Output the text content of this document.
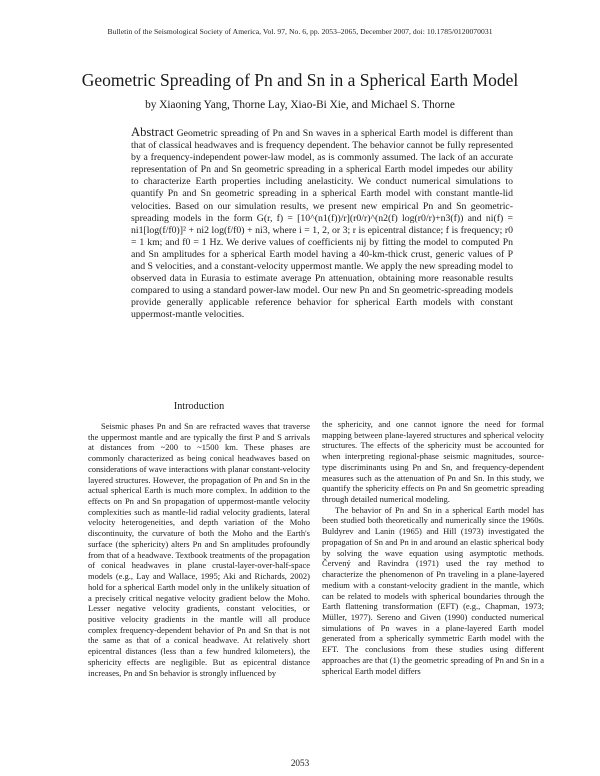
Bulletin of the Seismological Society of America, Vol. 97, No. 6, pp. 2053–2065, December 2007, doi: 10.1785/0120070031
Geometric Spreading of Pn and Sn in a Spherical Earth Model
by Xiaoning Yang, Thorne Lay, Xiao-Bi Xie, and Michael S. Thorne
Abstract Geometric spreading of Pn and Sn waves in a spherical Earth model is different than that of classical headwaves and is frequency dependent. The behavior cannot be fully represented by a frequency-independent power-law model, as is commonly assumed. The lack of an accurate representation of Pn and Sn geometric spreading in a spherical Earth model impedes our ability to characterize Earth properties including anelasticity. We conduct numerical simulations to quantify Pn and Sn geometric spreading in a spherical Earth model with constant mantle-lid velocities. Based on our simulation results, we present new empirical Pn and Sn geometric-spreading models in the form G(r, f) = [10^(n1(f))/r](r0/r)^(n2(f) log(r0/r)+n3(f)) and ni(f) = ni1[log(f/f0)]² + ni2 log(f/f0) + ni3, where i = 1, 2, or 3; r is epicentral distance; f is frequency; r0 = 1 km; and f0 = 1 Hz. We derive values of coefficients nij by fitting the model to computed Pn and Sn amplitudes for a spherical Earth model having a 40-km-thick crust, generic values of P and S velocities, and a constant-velocity uppermost mantle. We apply the new spreading model to observed data in Eurasia to estimate average Pn attenuation, obtaining more reasonable results compared to using a standard power-law model. Our new Pn and Sn geometric-spreading models provide generally applicable reference behavior for spherical Earth models with constant uppermost-mantle velocities.
Introduction

Seismic phases Pn and Sn are refracted waves that traverse the uppermost mantle and are typically the first P and S arrivals at distances from ~200 to ~1500 km. These phases are commonly characterized as being conical headwaves based on considerations of wave interactions with planar constant-velocity layered structures. However, the propagation of Pn and Sn in the actual spherical Earth is much more complex. In addition to the effects on Pn and Sn propagation of uppermost-mantle velocity complexities such as mantle-lid radial velocity gradients, lateral velocity heterogeneities, and depth variation of the Moho discontinuity, the curvature of both the Moho and the Earth's surface (the sphericity) alters Pn and Sn amplitudes profoundly from that of a headwave. Textbook treatments of the propagation of conical headwaves in plane crustal-layer-over-half-space models (e.g., Lay and Wallace, 1995; Aki and Richards, 2002) hold for a spherical Earth model only in the unlikely situation of a precisely critical negative velocity gradient below the Moho. Lesser negative velocity gradients, constant velocities, or positive velocity gradients in the mantle will all produce complex frequency-dependent behavior of Pn and Sn that is not the same as that of a conical headwave. At relatively short epicentral distances (less than a few hundred kilometers), the sphericity effects are negligible. But as epicentral distance increases, Pn and Sn behavior is strongly influenced by

the sphericity, and one cannot ignore the need for formal mapping between plane-layered structures and spherical velocity structures. The effects of the sphericity must be accounted for when interpreting regional-phase seismic magnitudes, source-type discriminants using Pn and Sn, and frequency-dependent measures such as the attenuation of Pn and Sn. In this study, we quantify the sphericity effects on Pn and Sn geometric spreading through detailed numerical modeling.

The behavior of Pn and Sn in a spherical Earth model has been studied both theoretically and numerically since the 1960s. Buldyrev and Lanin (1965) and Hill (1973) investigated the propagation of Sn and Pn in and around an elastic spherical body by solving the wave equation using asymptotic methods. Červený and Ravindra (1971) used the ray method to characterize the phenomenon of Pn traveling in a plane-layered medium with a constant-velocity gradient in the mantle, which can be related to models with spherical boundaries through the Earth flattening transformation (EFT) (e.g., Chapman, 1973; Müller, 1977). Sereno and Given (1990) conducted numerical simulations of Pn waves in a plane-layered Earth model generated from a spherically symmetric Earth model with the EFT. The conclusions from these studies using different approaches are that (1) the geometric spreading of Pn and Sn in a spherical Earth model differs

2053
